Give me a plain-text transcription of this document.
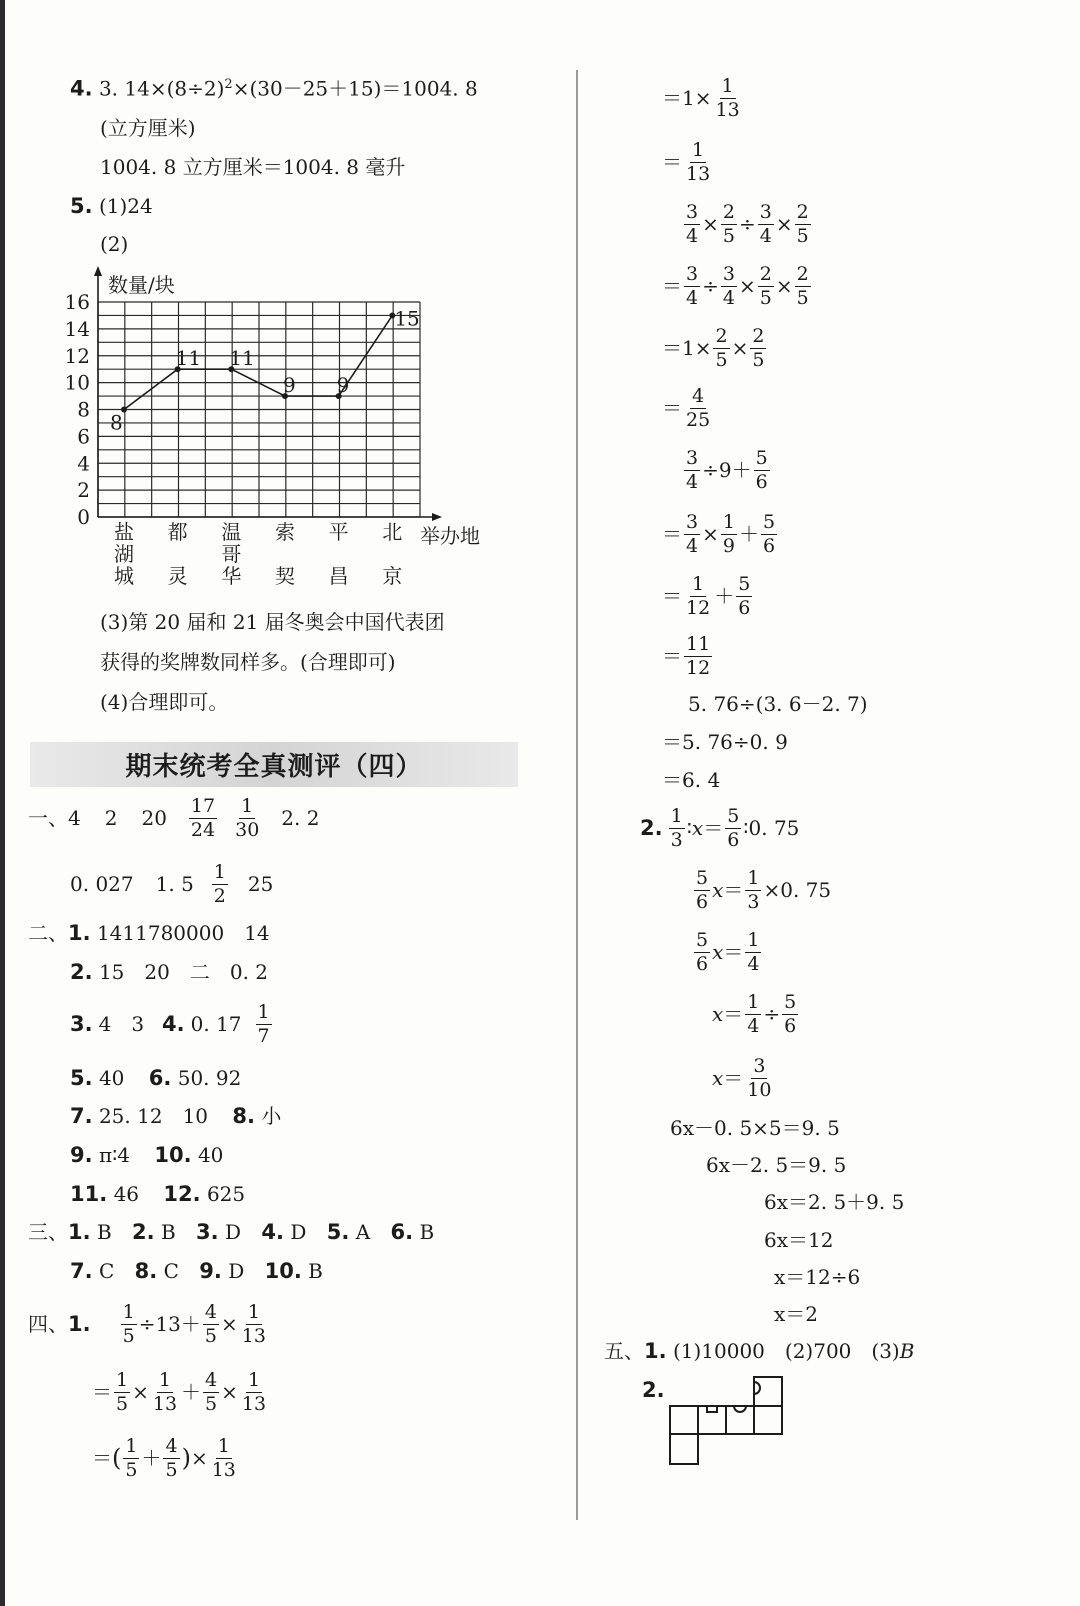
4. 3. $14\times(8\div 2)^2\times(30-25+15)=1004$. 8
(立方厘米)
1004. 8 立方厘米＝1004. 8 毫升
5. (1)24
(2)
数量/块
举办地
16
14
12
10
8
6
4
2
0
8
11 11
9 9
15
盐
湖
城
都
灵
温
哥
华
索
契
平
昌
北
京
(3)第 20 届和 21 届冬奥会中国代表团
获得的奖牌数同样多。(合理即可)
(4)合理即可。
期末统考全真测评（四）
一、 4 2 $20 \frac{17}{24} \frac{1}{30} 2$. 2
0. 027 1. $5 \frac{1}{2} 25$
二、1. 1411780000　14
2. 15　20　二　0. 2
3. 4　3 4. 0. $17 \frac{1}{7}$
5. 40 6. 50. 92
7. 25. 12　10 8. 小
9. π∶4 10. 40
11. 46 12. 625
三、1. B 2. B 3. D 4. D 5. A 6. B
7. C 8. C 9. D 10. B
四、 1. $\frac{1}{5} \div 13+ \frac{4}{5} \times \frac{1}{13}$
＝ $\frac{1}{5} \times \frac{1}{13} + \frac{4}{5} \times \frac{1}{13}$
＝ ( $\frac{1}{5} + \frac{4}{5}$ ) × $\frac{1}{13}$
$=1\times \frac{1}{13}$
＝ $\frac{1}{13}$
$\frac{3}{4} \times \frac{2}{5} \div \frac{3}{4} \times \frac{2}{5}$
＝ $\frac{3}{4} \div \frac{3}{4} \times \frac{2}{5} \times \frac{2}{5}$
$=1\times \frac{2}{5} \times \frac{2}{5}$
＝ $\frac{4}{25}$
$\frac{3}{4} \div 9+ \frac{5}{6}$
＝ $\frac{3}{4} \times \frac{1}{9} + \frac{5}{6}$
＝ $\frac{1}{12} + \frac{5}{6}$
＝ $\frac{11}{12}$
5. 76÷(3. 6－2. 7)
＝5. 76÷0. 9
＝6. 4
2. $\frac{1}{3}$ ∶ $x = \frac{5}{6}$ ∶ 0. 75
$\frac{5}{6}$ $x = \frac{1}{3} \times 0$. 75
$\frac{5}{6}$ $x = \frac{1}{4}$
$x = \frac{1}{4} \div \frac{5}{6}$
$x = \frac{3}{10}$
6x－0. 5×5＝9. 5
6x－2. 5＝9. 5
6x＝2. 5＋9. 5
6x＝12
x＝12÷6
x＝2
五、1. (1)10000　(2)700　(3)B
2.
